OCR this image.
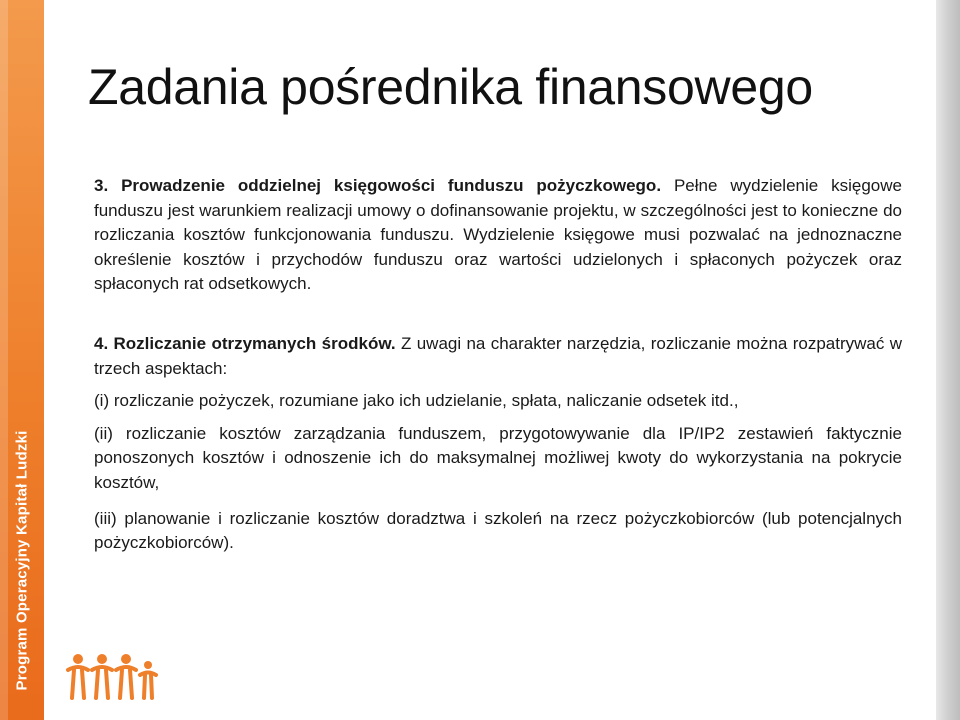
Program Operacyjny Kapitał Ludzki
Zadania pośrednika finansowego

3. Prowadzenie oddzielnej księgowości funduszu pożyczkowego. Pełne wydzielenie księgowe funduszu jest warunkiem realizacji umowy o dofinansowanie projektu, w szczególności jest to konieczne do rozliczania kosztów funkcjonowania funduszu. Wydzielenie księgowe musi pozwalać na jednoznaczne określenie kosztów i przychodów funduszu oraz wartości udzielonych i spłaconych pożyczek oraz spłaconych rat odsetkowych.

4. Rozliczanie otrzymanych środków. Z uwagi na charakter narzędzia, rozliczanie można rozpatrywać w trzech aspektach:

(i) rozliczanie pożyczek, rozumiane jako ich udzielanie, spłata, naliczanie odsetek itd.,

(ii) rozliczanie kosztów zarządzania funduszem, przygotowywanie dla IP/IP2 zestawień faktycznie ponoszonych kosztów i odnoszenie ich do maksymalnej możliwej kwoty do wykorzystania na pokrycie kosztów,

(iii) planowanie i rozliczanie kosztów doradztwa i szkoleń na rzecz pożyczkobiorców (lub potencjalnych pożyczkobiorców).
